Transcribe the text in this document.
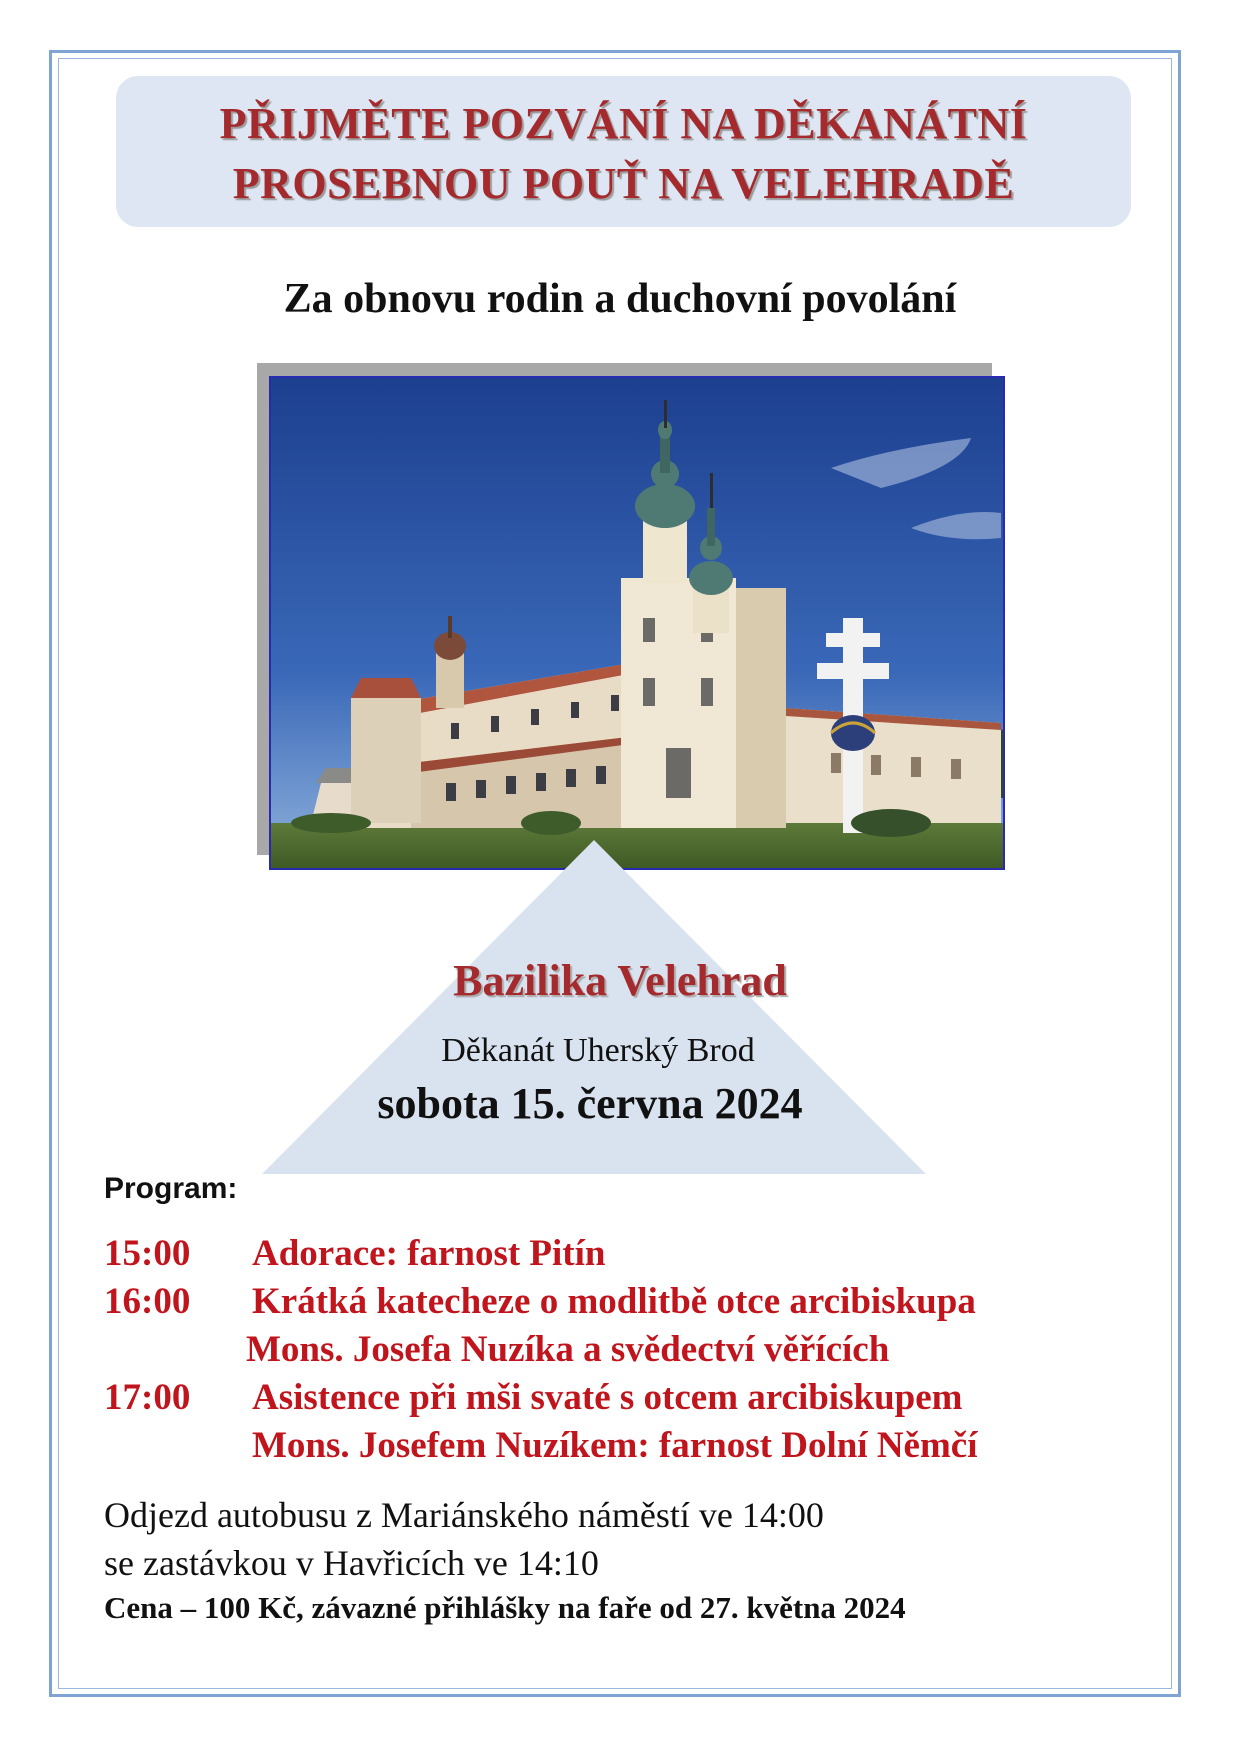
PŘIJMĚTE POZVÁNÍ NA DĚKANÁTNÍ
PROSEBNOU POUŤ NA VELEHRADĚ
Za obnovu rodin a duchovní povolání
Bazilika Velehrad
Děkanát Uherský Brod
sobota 15. června 2024
Program:
15:00 Adorace: farnost Pitín
16:00 Krátká katecheze o modlitbě otce arcibiskupa
Mons. Josefa Nuzíka a svědectví věřících
17:00 Asistence při mši svaté s otcem arcibiskupem
Mons. Josefem Nuzíkem: farnost Dolní Němčí
Odjezd autobusu z Mariánského náměstí ve 14:00
se zastávkou v Havřicích ve 14:10
Cena – 100 Kč, závazné přihlášky na faře od 27. května 2024
